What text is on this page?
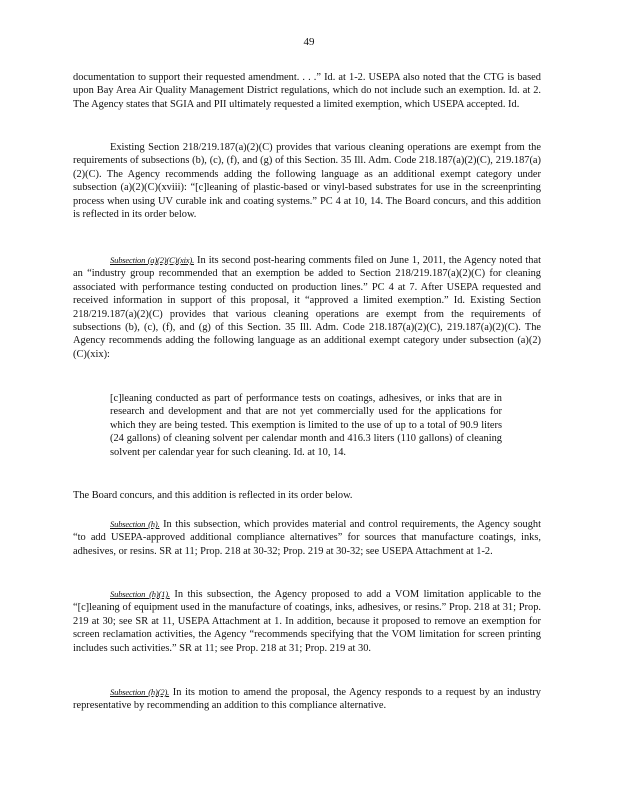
49

documentation to support their requested amendment. . . .” Id. at 1-2. USEPA also noted that the CTG is based upon Bay Area Air Quality Management District regulations, which do not include such an exemption. Id. at 2. The Agency states that SGIA and PII ultimately requested a limited exemption, which USEPA accepted. Id.

Existing Section 218/219.187(a)(2)(C) provides that various cleaning operations are exempt from the requirements of subsections (b), (c), (f), and (g) of this Section. 35 Ill. Adm. Code 218.187(a)(2)(C), 219.187(a)(2)(C). The Agency recommends adding the following language as an additional exempt category under subsection (a)(2)(C)(xviii): “[c]leaning of plastic-based or vinyl-based substrates for use in the screenprinting process when using UV curable ink and coating systems.” PC 4 at 10, 14. The Board concurs, and this addition is reflected in its order below.

Subsection (a)(2)(C)(xix). In its second post-hearing comments filed on June 1, 2011, the Agency noted that an “industry group recommended that an exemption be added to Section 218/219.187(a)(2)(C) for cleaning associated with performance testing conducted on production lines.” PC 4 at 7. After USEPA requested and received information in support of this proposal, it “approved a limited exemption.” Id. Existing Section 218/219.187(a)(2)(C) provides that various cleaning operations are exempt from the requirements of subsections (b), (c), (f), and (g) of this Section. 35 Ill. Adm. Code 218.187(a)(2)(C), 219.187(a)(2)(C). The Agency recommends adding the following language as an additional exempt category under subsection (a)(2)(C)(xix):

[c]leaning conducted as part of performance tests on coatings, adhesives, or inks that are in research and development and that are not yet commercially used for the applications for which they are being tested. This exemption is limited to the use of up to a total of 90.9 liters (24 gallons) of cleaning solvent per calendar month and 416.3 liters (110 gallons) of cleaning solvent per calendar year for such cleaning. Id. at 10, 14.

The Board concurs, and this addition is reflected in its order below.

Subsection (h). In this subsection, which provides material and control requirements, the Agency sought “to add USEPA-approved additional compliance alternatives” for sources that manufacture coatings, inks, adhesives, or resins. SR at 11; Prop. 218 at 30-32; Prop. 219 at 30-32; see USEPA Attachment at 1-2.

Subsection (h)(1). In this subsection, the Agency proposed to add a VOM limitation applicable to the “[c]leaning of equipment used in the manufacture of coatings, inks, adhesives, or resins.” Prop. 218 at 31; Prop. 219 at 30; see SR at 11, USEPA Attachment at 1. In addition, because it proposed to remove an exemption for screen reclamation activities, the Agency “recommends specifying that the VOM limitation for screen printing includes such activities.” SR at 11; see Prop. 218 at 31; Prop. 219 at 30.

Subsection (h)(2). In its motion to amend the proposal, the Agency responds to a request by an industry representative by recommending an addition to this compliance alternative.
